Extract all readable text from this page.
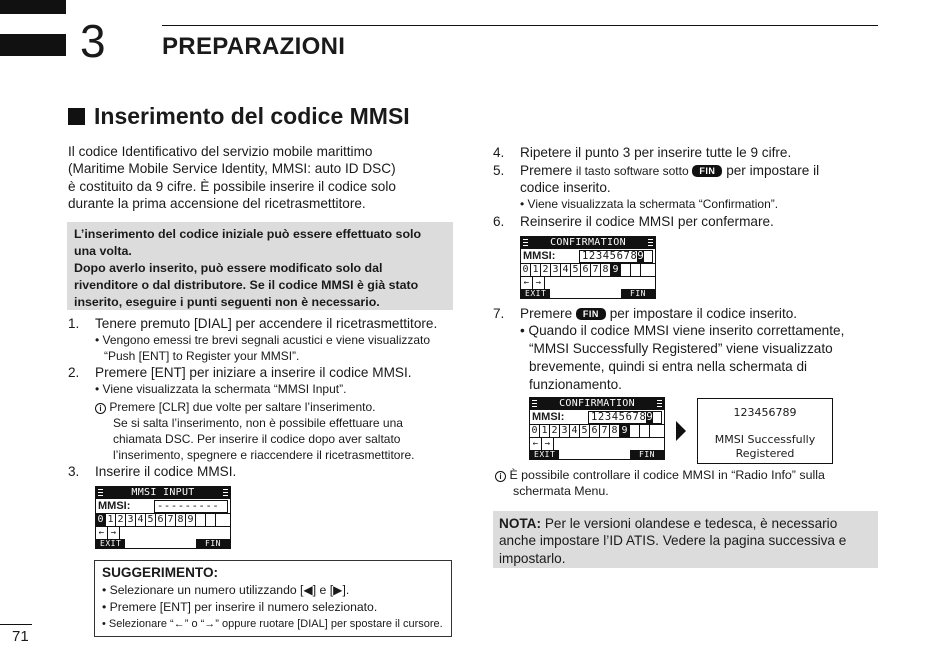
3 PREPARAZIONI
Inserimento del codice MMSI
Il codice Identificativo del servizio mobile marittimo
(Maritime Mobile Service Identity, MMSI: auto ID DSC)
è costituito da 9 cifre. È possibile inserire il codice solo
durante la prima accensione del ricetrasmettitore.
L’inserimento del codice iniziale può essere effettuato solo
una volta.
Dopo averlo inserito, può essere modificato solo dal
rivenditore o dal distributore. Se il codice MMSI è già stato
inserito, eseguire i punti seguenti non è necessario.
1. Tenere premuto [DIAL] per accendere il ricetrasmettitore.
• Vengono emessi tre brevi segnali acustici e viene visualizzato
“Push [ENT] to Register your MMSI”.
2. Premere [ENT] per iniziare a inserire il codice MMSI.
• Viene visualizzata la schermata “MMSI Input”.
i Premere [CLR] due volte per saltare l’inserimento.
Se si salta l’inserimento, non è possibile effettuare una
chiamata DSC. Per inserire il codice dopo aver saltato
l’inserimento, spegnere e riaccendere il ricetrasmettitore.
3. Inserire il codice MMSI.
MMSI INPUT
MMSI:	---------
0 1 2 3 4 5 6 7 8 9
← →
EXIT	FIN
SUGGERIMENTO:
• Selezionare un numero utilizzando [◀] e [▶].
• Premere [ENT] per inserire il numero selezionato.
• Selezionare “←” o “→” oppure ruotare [DIAL] per spostare il cursore.
71
4. Ripetere il punto 3 per inserire tutte le 9 cifre.
5. Premere il tasto software sotto FIN per impostare il
codice inserito.
• Viene visualizzata la schermata “Confirmation”.
6. Reinserire il codice MMSI per confermare.
CONFIRMATION
MMSI:	123456789
0 1 2 3 4 5 6 7 8 9
← →
EXIT	FIN
7. Premere FIN per impostare il codice inserito.
• Quando il codice MMSI viene inserito correttamente,
“MMSI Successfully Registered” viene visualizzato
brevemente, quindi si entra nella schermata di
funzionamento.
CONFIRMATION
MMSI:	123456789
0 1 2 3 4 5 6 7 8 9
← →
EXIT	FIN
123456789
MMSI Successfully
Registered
i È possibile controllare il codice MMSI in “Radio Info” sulla
schermata Menu.
NOTA: Per le versioni olandese e tedesca, è necessario
anche impostare l’ID ATIS. Vedere la pagina successiva e
impostarlo.
